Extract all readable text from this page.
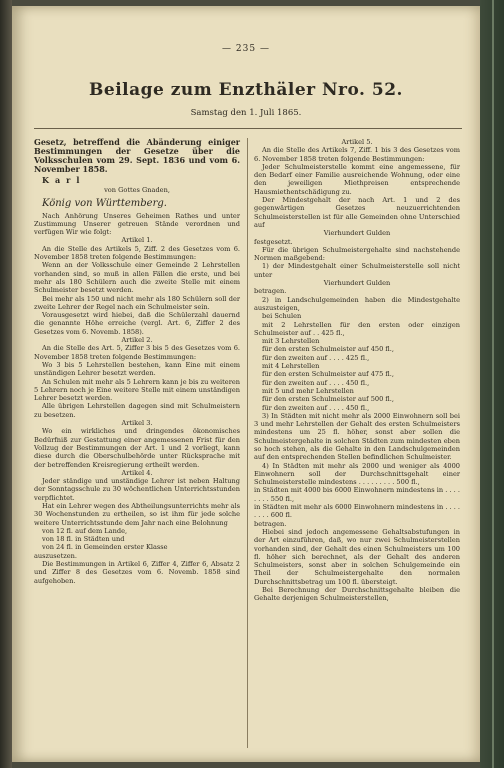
— 235 —
Beilage zum Enzthäler Nro. 52.
Samstag den 1. Juli 1865.

Gesetz, betreffend die Abänderung einiger Bestimmungen der Gesetze über die Volksschulen vom 29. Sept. 1836 und vom 6. November 1858.

Karl

von Gottes Gnaden,

König von Württemberg.

Nach Anhörung Unseres Geheimen Rathes und unter Zustimmung Unserer getreuen Stände verordnen und verfügen Wir wie folgt:

Artikel 1.

An die Stelle des Artikels 5, Ziff. 2 des Gesetzes vom 6. November 1858 treten folgende Bestimmungen:

Wenn an der Volksschule einer Gemeinde 2 Lehrstellen vorhanden sind, so muß in allen Fällen die erste, und bei mehr als 180 Schülern auch die zweite Stelle mit einem Schulmeister besetzt werden.

Bei mehr als 150 und nicht mehr als 180 Schülern soll der zweite Lehrer der Regel nach ein Schulmeister sein.

Vorausgesetzt wird hiebei, daß die Schülerzahl dauernd die genannte Höhe erreiche (vergl. Art. 6, Ziffer 2 des Gesetzes vom 6. Novemb. 1858).

Artikel 2.

An die Stelle des Art. 5, Ziffer 3 bis 5 des Gesetzes vom 6. November 1858 treten folgende Bestimmungen:

Wo 3 bis 5 Lehrstellen bestehen, kann Eine mit einem unständigen Lehrer besetzt werden.

An Schulen mit mehr als 5 Lehrern kann je bis zu weiteren 5 Lehrern noch je Eine weitere Stelle mit einem unständigen Lehrer besetzt werden.

Alle übrigen Lehrstellen dagegen sind mit Schulmeistern zu besetzen.

Artikel 3.

Wo ein wirkliches und dringendes ökonomisches Bedürfniß zur Gestattung einer angemessenen Frist für den Vollzug der Bestimmungen der Art. 1 und 2 vorliegt, kann diese durch die Oberschulbehörde unter Rücksprache mit der betreffenden Kreisregierung ertheilt werden.

Artikel 4.

Jeder ständige und unständige Lehrer ist neben Haltung der Sonntagsschule zu 30 wöchentlichen Unterrichtsstunden verpflichtet.

Hat ein Lehrer wegen des Abtheilungsunterrichts mehr als 30 Wochenstunden zu ertheilen, so ist ihm für jede solche weitere Unterrichtsstunde dem Jahr nach eine Belohnung

von 12 fl. auf dem Lande,

von 18 fl. in Städten und

von 24 fl. in Gemeinden erster Klasse

auszusetzen.

Die Bestimmungen in Artikel 6, Ziffer 4, Ziffer 6, Absatz 2 und Ziffer 8 des Gesetzes vom 6. Novemb. 1858 sind aufgehoben.

Artikel 5.

An die Stelle des Artikels 7, Ziff. 1 bis 3 des Gesetzes vom 6. November 1858 treten folgende Bestimmungen:

Jeder Schulmeisterstelle kommt eine angemessene, für den Bedarf einer Familie ausreichende Wohnung, oder eine den jeweiligen Miethpreisen entsprechende Hausmiethentschädigung zu.

Der Mindestgehalt der nach Art. 1 und 2 des gegenwärtigen Gesetzes neuzuerrichtenden Schulmeisterstellen ist für alle Gemeinden ohne Unterschied auf

Vierhundert Gulden

festgesetzt.

Für die übrigen Schulmeistergehalte sind nachstehende Normen maßgebend:

1) der Mindestgehalt einer Schulmeisterstelle soll nicht unter

Vierhundert Gulden

betragen.

2) in Landschulgemeinden haben die Mindestgehalte auszusteigen,

bei Schulen

mit 2 Lehrstellen für den ersten oder einzigen Schulmeister auf . . 425 fl.,

mit 3 Lehrstellen

für den ersten Schulmeister auf 450 fl.,

für den zweiten auf . . . . 425 fl.,

mit 4 Lehrstellen

für den ersten Schulmeister auf 475 fl.,

für den zweiten auf . . . . 450 fl.,

mit 5 und mehr Lehrstellen

für den ersten Schulmeister auf 500 fl.,

für den zweiten auf . . . . 450 fl.,

3) In Städten mit nicht mehr als 2000 Einwohnern soll bei 3 und mehr Lehrstellen der Gehalt des ersten Schulmeisters mindestens um 25 fl. höher, sonst aber sollen die Schulmeistergehalte in solchen Städten zum mindesten eben so hoch stehen, als die Gehalte in den Landschulgemeinden auf den entsprechenden Stellen befindlichen Schulmeister.

4) In Städten mit mehr als 2000 und weniger als 4000 Einwohnern soll der Durchschnittsgehalt einer Schulmeisterstelle mindestens . . . . . . . . . 500 fl.,

in Städten mit 4000 bis 6000 Einwohnern mindestens in . . . . . . . . 550 fl.,

in Städten mit mehr als 6000 Einwohnern mindestens in . . . . . . . . 600 fl.

betragen.

Hiebei sind jedoch angemessene Gehaltsabstufungen in der Art einzuführen, daß, wo nur zwei Schulmeisterstellen vorhanden sind, der Gehalt des einen Schulmeisters um 100 fl. höher sich berechnet, als der Gehalt des anderen Schulmeisters, sonst aber in solchen Schulgemeinde ein Theil der Schulmeistergehalte den normalen Durchschnittsbetrag um 100 fl. übersteigt.

Bei Berechnung der Durchschnittsgehalte bleiben die Gehalte derjenigen Schulmeisterstellen,
